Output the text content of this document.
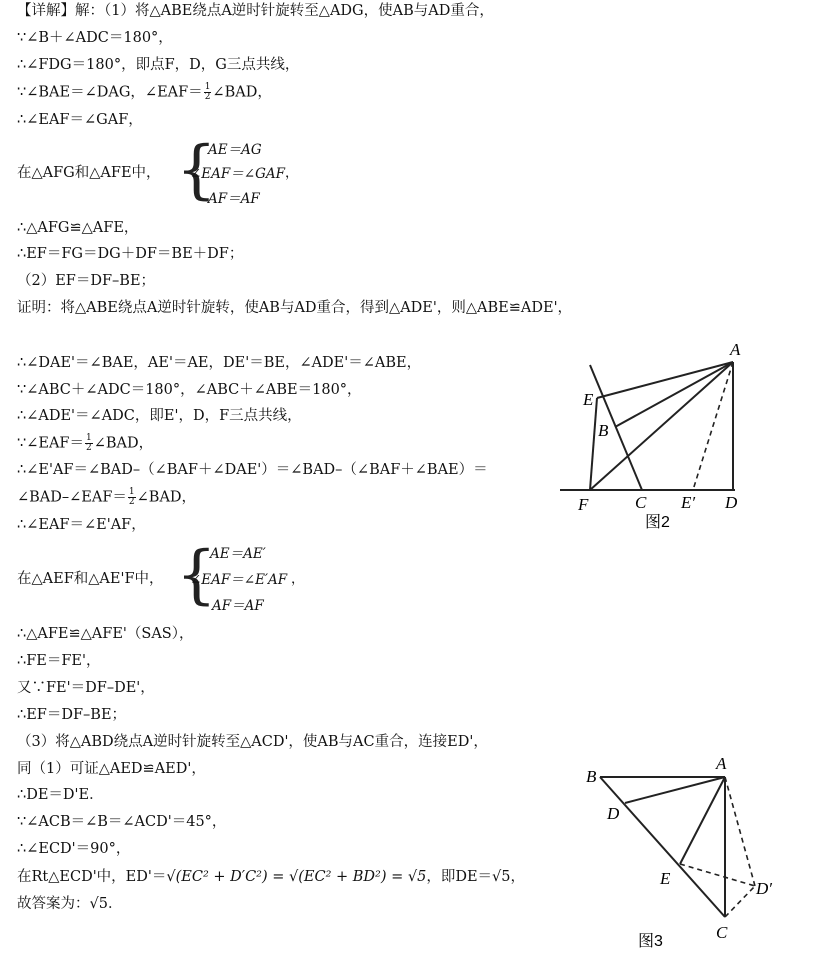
【详解】解：（1）将△ABE绕点A逆时针旋转至△ADG，使AB与AD重合，
∵∠B＋∠ADC＝180°，
∴∠FDG＝180°，即点F，D，G三点共线，
∵∠BAE＝∠DAG，∠EAF＝ $\frac{1}{2}$ ∠BAD，
∴∠EAF＝∠GAF，
在△AFG和△AFE中， {
AE＝AG
∠EAF＝∠GAF ，
AF＝AF
∴△AFG≌△AFE，
∴EF＝FG＝DG＋DF＝BE＋DF；
（2）EF＝DF–BE；
证明：将△ABE绕点A逆时针旋转，使AB与AD重合，得到△ADE'，则△ABE≌ADE'，
∴∠DAE'＝∠BAE，AE'＝AE，DE'＝BE，∠ADE'＝∠ABE，
∵∠ABC＋∠ADC＝180°，∠ABC＋∠ABE＝180°，
∴∠ADE'＝∠ADC，即E'，D，F三点共线，
∵∠EAF＝ $\frac{1}{2}$ ∠BAD，
∴∠E'AF＝∠BAD–（∠BAF＋∠DAE'）＝∠BAD–（∠BAF＋∠BAE）＝
∠BAD–∠EAF＝ $\frac{1}{2}$ ∠BAD，
∴∠EAF＝∠E'AF，
在△AEF和△AE'F中， {
AE＝AE′
∠EAF＝∠E′AF ，
AF＝AF
∴△AFE≌△AFE'（SAS），
∴FE＝FE'，
又∵FE'＝DF–DE'，
∴EF＝DF–BE；
（3）将△ABD绕点A逆时针旋转至△ACD'，使AB与AC重合，连接ED'，
同（1）可证△AED≌AED'，
∴DE＝D'E．
∵∠ACB＝∠B＝∠ACD'＝45°，
∴∠ECD'＝90°，
在Rt△ECD'中，ED'＝√(EC² + D′C²) = √(EC² + BD²) = √5，即DE＝√5，
故答案为：√5．
A
E
B
F	C E′ D
图2
B
A
D
E
D′
C
图3
